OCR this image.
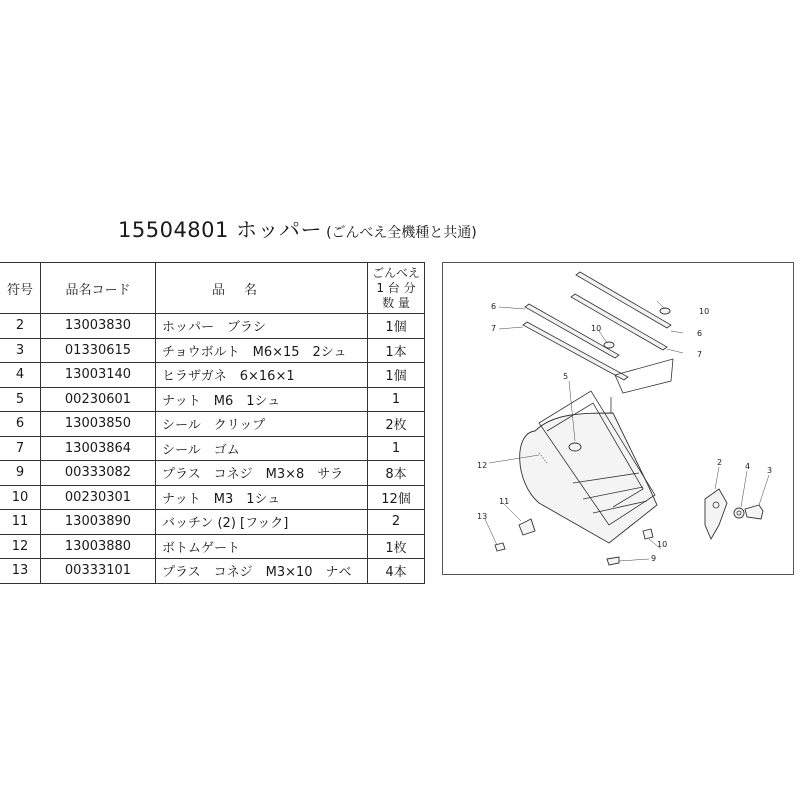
15504801 ホッパー (ごんべえ全機種と共通)
符号	品名コード	品 名	ごんべえ
1 台 分
数 量
2	13003830	ホッパー　ブラシ	1個
3	01330615	チョウボルト　M6×15　2シュ	1本
4	13003140	ヒラザガネ　6×16×1	1個
5	00230601	ナット　M6　1シュ	1
6	13003850	シール　クリップ	2枚
7	13003864	シール　ゴム	1
9	00333082	プラス　コネジ　M3×8　サラ	8本
10	00230301	ナット　M3　1シュ	12個
11	13003890	バッチン (2) [フック]	2
12	13003880	ボトムゲート	1枚
13	00333101	プラス　コネジ　M3×10　ナベ	4本
6
7	10
10
6
7
5
12	2	4 3
11
13
10
9
